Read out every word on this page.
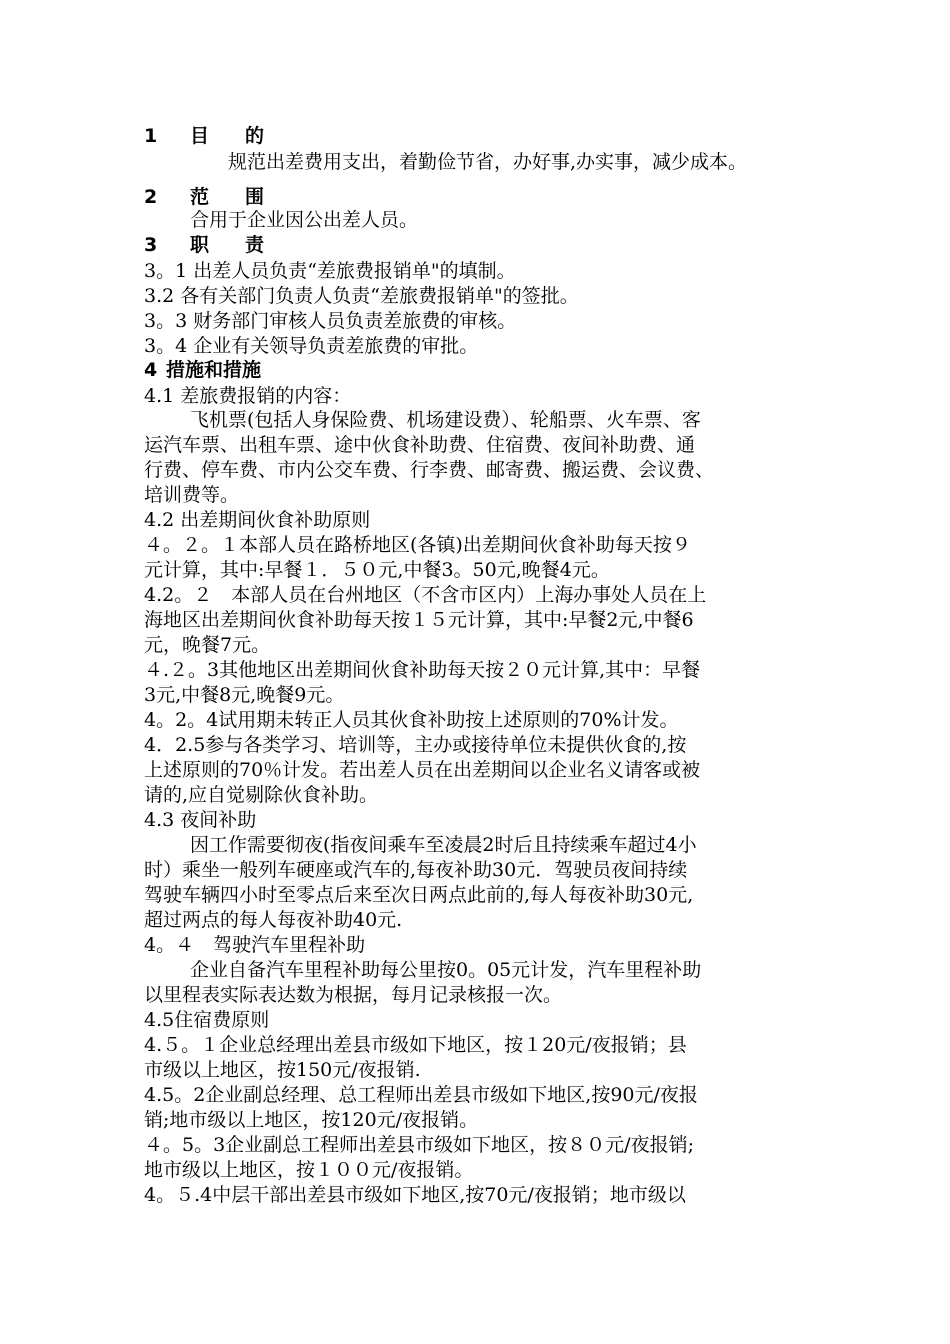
1 目 的
规范出差费用支出，着勤俭节省，办好事,办实事，减少成本。
2 范 围
合用于企业因公出差人员。
3 职 责
3。1 出差人员负责“差旅费报销单"的填制。
3.2 各有关部门负责人负责“差旅费报销单"的签批。
3。3 财务部门审核人员负责差旅费的审核。
3。4 企业有关领导负责差旅费的审批。
4 措施和措施
4.1 差旅费报销的内容：
飞机票(包括人身保险费、机场建设费）、轮船票、火车票、客
运汽车票、出租车票、途中伙食补助费、住宿费、夜间补助费、通
行费、停车费、市内公交车费、行李费、邮寄费、搬运费、会议费、
培训费等。
4.2 出差期间伙食补助原则
４。２。１本部人员在路桥地区(各镇)出差期间伙食补助每天按９
元计算，其中:早餐１．５０元,中餐3。50元,晚餐4元。
4.2。２　本部人员在台州地区（不含市区内）上海办事处人员在上
海地区出差期间伙食补助每天按１５元计算，其中:早餐2元,中餐6
元，晚餐7元。
４.２。3其他地区出差期间伙食补助每天按２０元计算,其中：早餐
3元,中餐8元,晚餐9元。
4。2。4试用期未转正人员其伙食补助按上述原则的70%计发。
4．2.5参与各类学习、培训等，主办或接待单位未提供伙食的,按
上述原则的70％计发。若出差人员在出差期间以企业名义请客或被
请的,应自觉剔除伙食补助。
4.3 夜间补助
因工作需要彻夜(指夜间乘车至凌晨2时后且持续乘车超过4小
时）乘坐一般列车硬座或汽车的,每夜补助30元．驾驶员夜间持续
驾驶车辆四小时至零点后来至次日两点此前的,每人每夜补助30元,
超过两点的每人每夜补助40元.
4。４　驾驶汽车里程补助
企业自备汽车里程补助每公里按0。05元计发，汽车里程补助
以里程表实际表达数为根据，每月记录核报一次。
4.5住宿费原则
4.５。１企业总经理出差县市级如下地区，按１20元/夜报销；县
市级以上地区，按150元/夜报销.
4.5。2企业副总经理、总工程师出差县市级如下地区,按90元/夜报
销;地市级以上地区，按120元/夜报销。
４。5。3企业副总工程师出差县市级如下地区，按８０元/夜报销;
地市级以上地区，按１００元/夜报销。
4。５.4中层干部出差县市级如下地区,按70元/夜报销；地市级以
